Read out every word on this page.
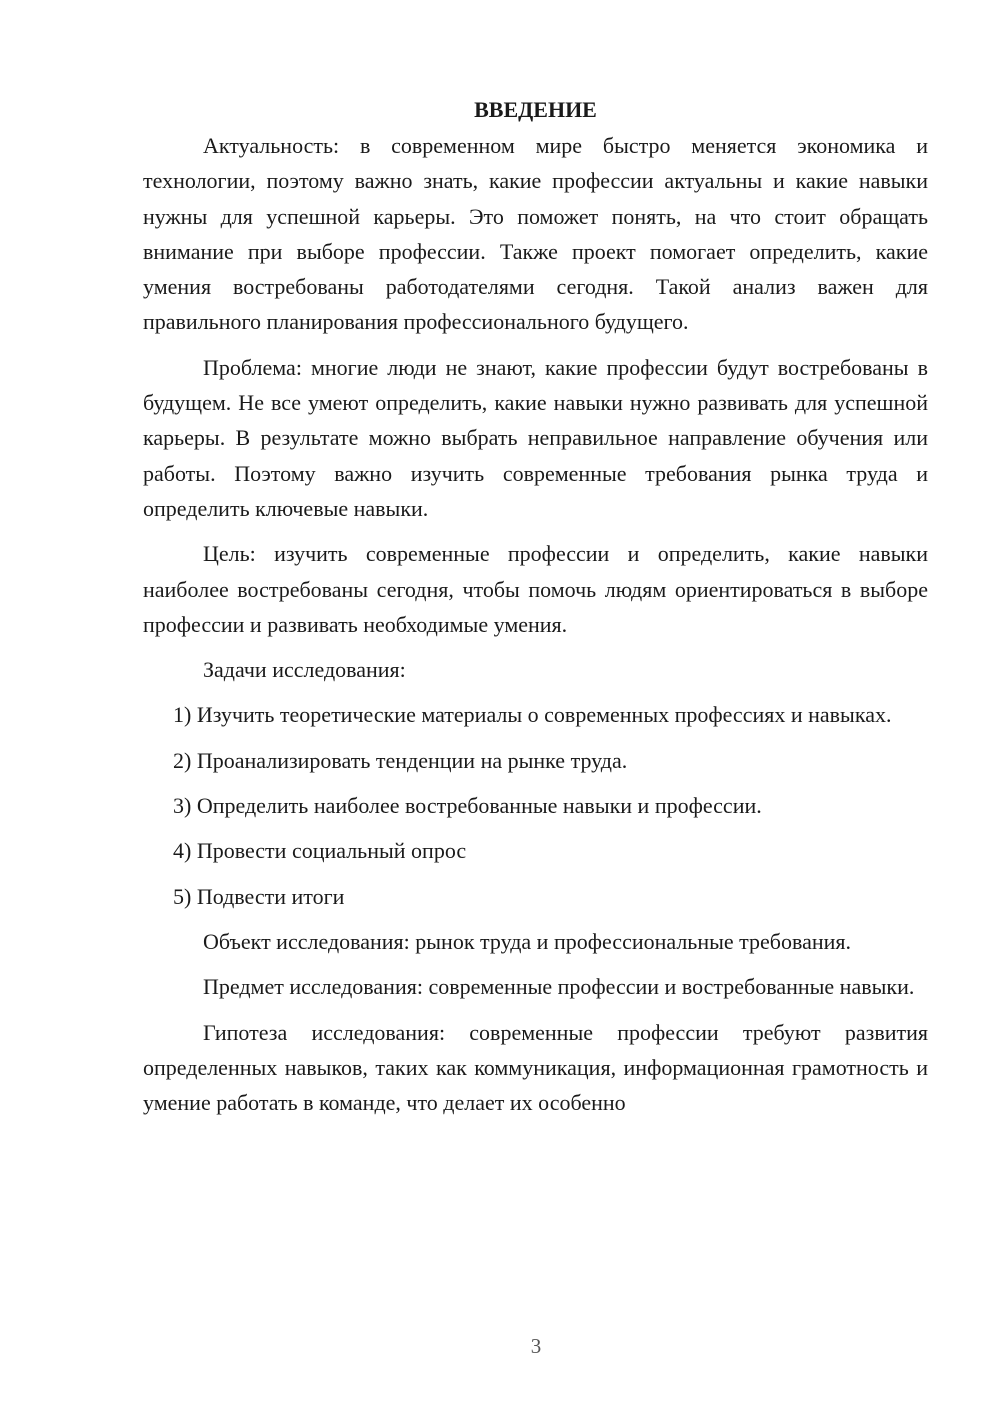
ВВЕДЕНИЕ

Актуальность: в современном мире быстро меняется экономика и технологии, поэтому важно знать, какие профессии актуальны и какие навыки нужны для успешной карьеры. Это поможет понять, на что стоит обращать внимание при выборе профессии. Также проект помогает определить, какие умения востребованы работодателями сегодня. Такой анализ важен для правильного планирования профессионального будущего.

Проблема: многие люди не знают, какие профессии будут востребованы в будущем. Не все умеют определить, какие навыки нужно развивать для успешной карьеры. В результате можно выбрать неправильное направление обучения или работы. Поэтому важно изучить современные требования рынка труда и определить ключевые навыки.

Цель: изучить современные профессии и определить, какие навыки наиболее востребованы сегодня, чтобы помочь людям ориентироваться в выборе профессии и развивать необходимые умения.

Задачи исследования:

1) Изучить теоретические материалы о современных профессиях и навыках.

2) Проанализировать тенденции на рынке труда.

3) Определить наиболее востребованные навыки и профессии.

4) Провести социальный опрос

5) Подвести итоги

Объект исследования: рынок труда и профессиональные требования.

Предмет исследования: современные профессии и востребованные навыки.

Гипотеза исследования: современные профессии требуют развития определенных навыков, таких как коммуникация, информационная грамотность и умение работать в команде, что делает их особенно

3
